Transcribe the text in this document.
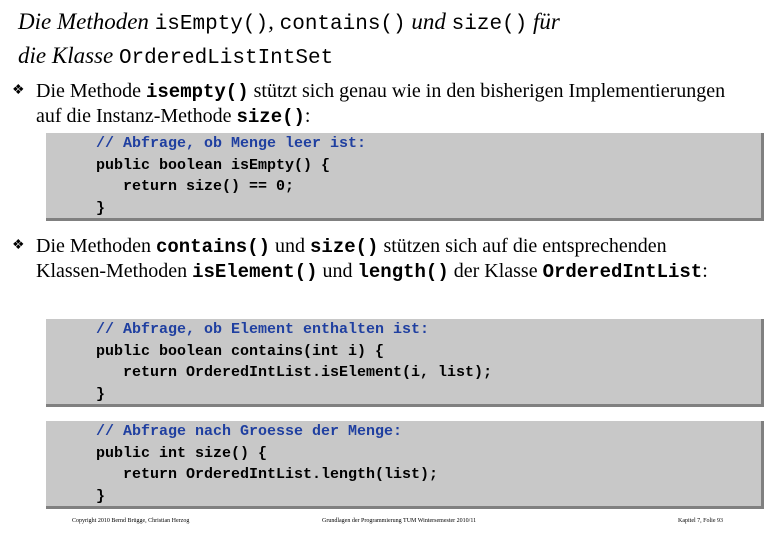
Die Methoden isEmpty(), contains() und size() für
die Klasse OrderedListIntSet
❖ Die Methode isempty() stützt sich genau wie in den bisherigen Implementierungen auf die Instanz-Methode size():
// Abfrage, ob Menge leer ist:
public boolean isEmpty() {
return size() == 0;
}
❖ Die Methoden contains() und size() stützen sich auf die entsprechenden Klassen-Methoden isElement() und length() der Klasse OrderedIntList:
// Abfrage, ob Element enthalten ist:
public boolean contains(int i) {
return OrderedIntList.isElement(i, list);
}
// Abfrage nach Groesse der Menge:
public int size() {
return OrderedIntList.length(list);
}
Copyright 2010 Bernd Brügge, Christian Herzog	Grundlagen der Programmierung TUM Wintersemester 2010/11	Kapitel 7, Folie 93
